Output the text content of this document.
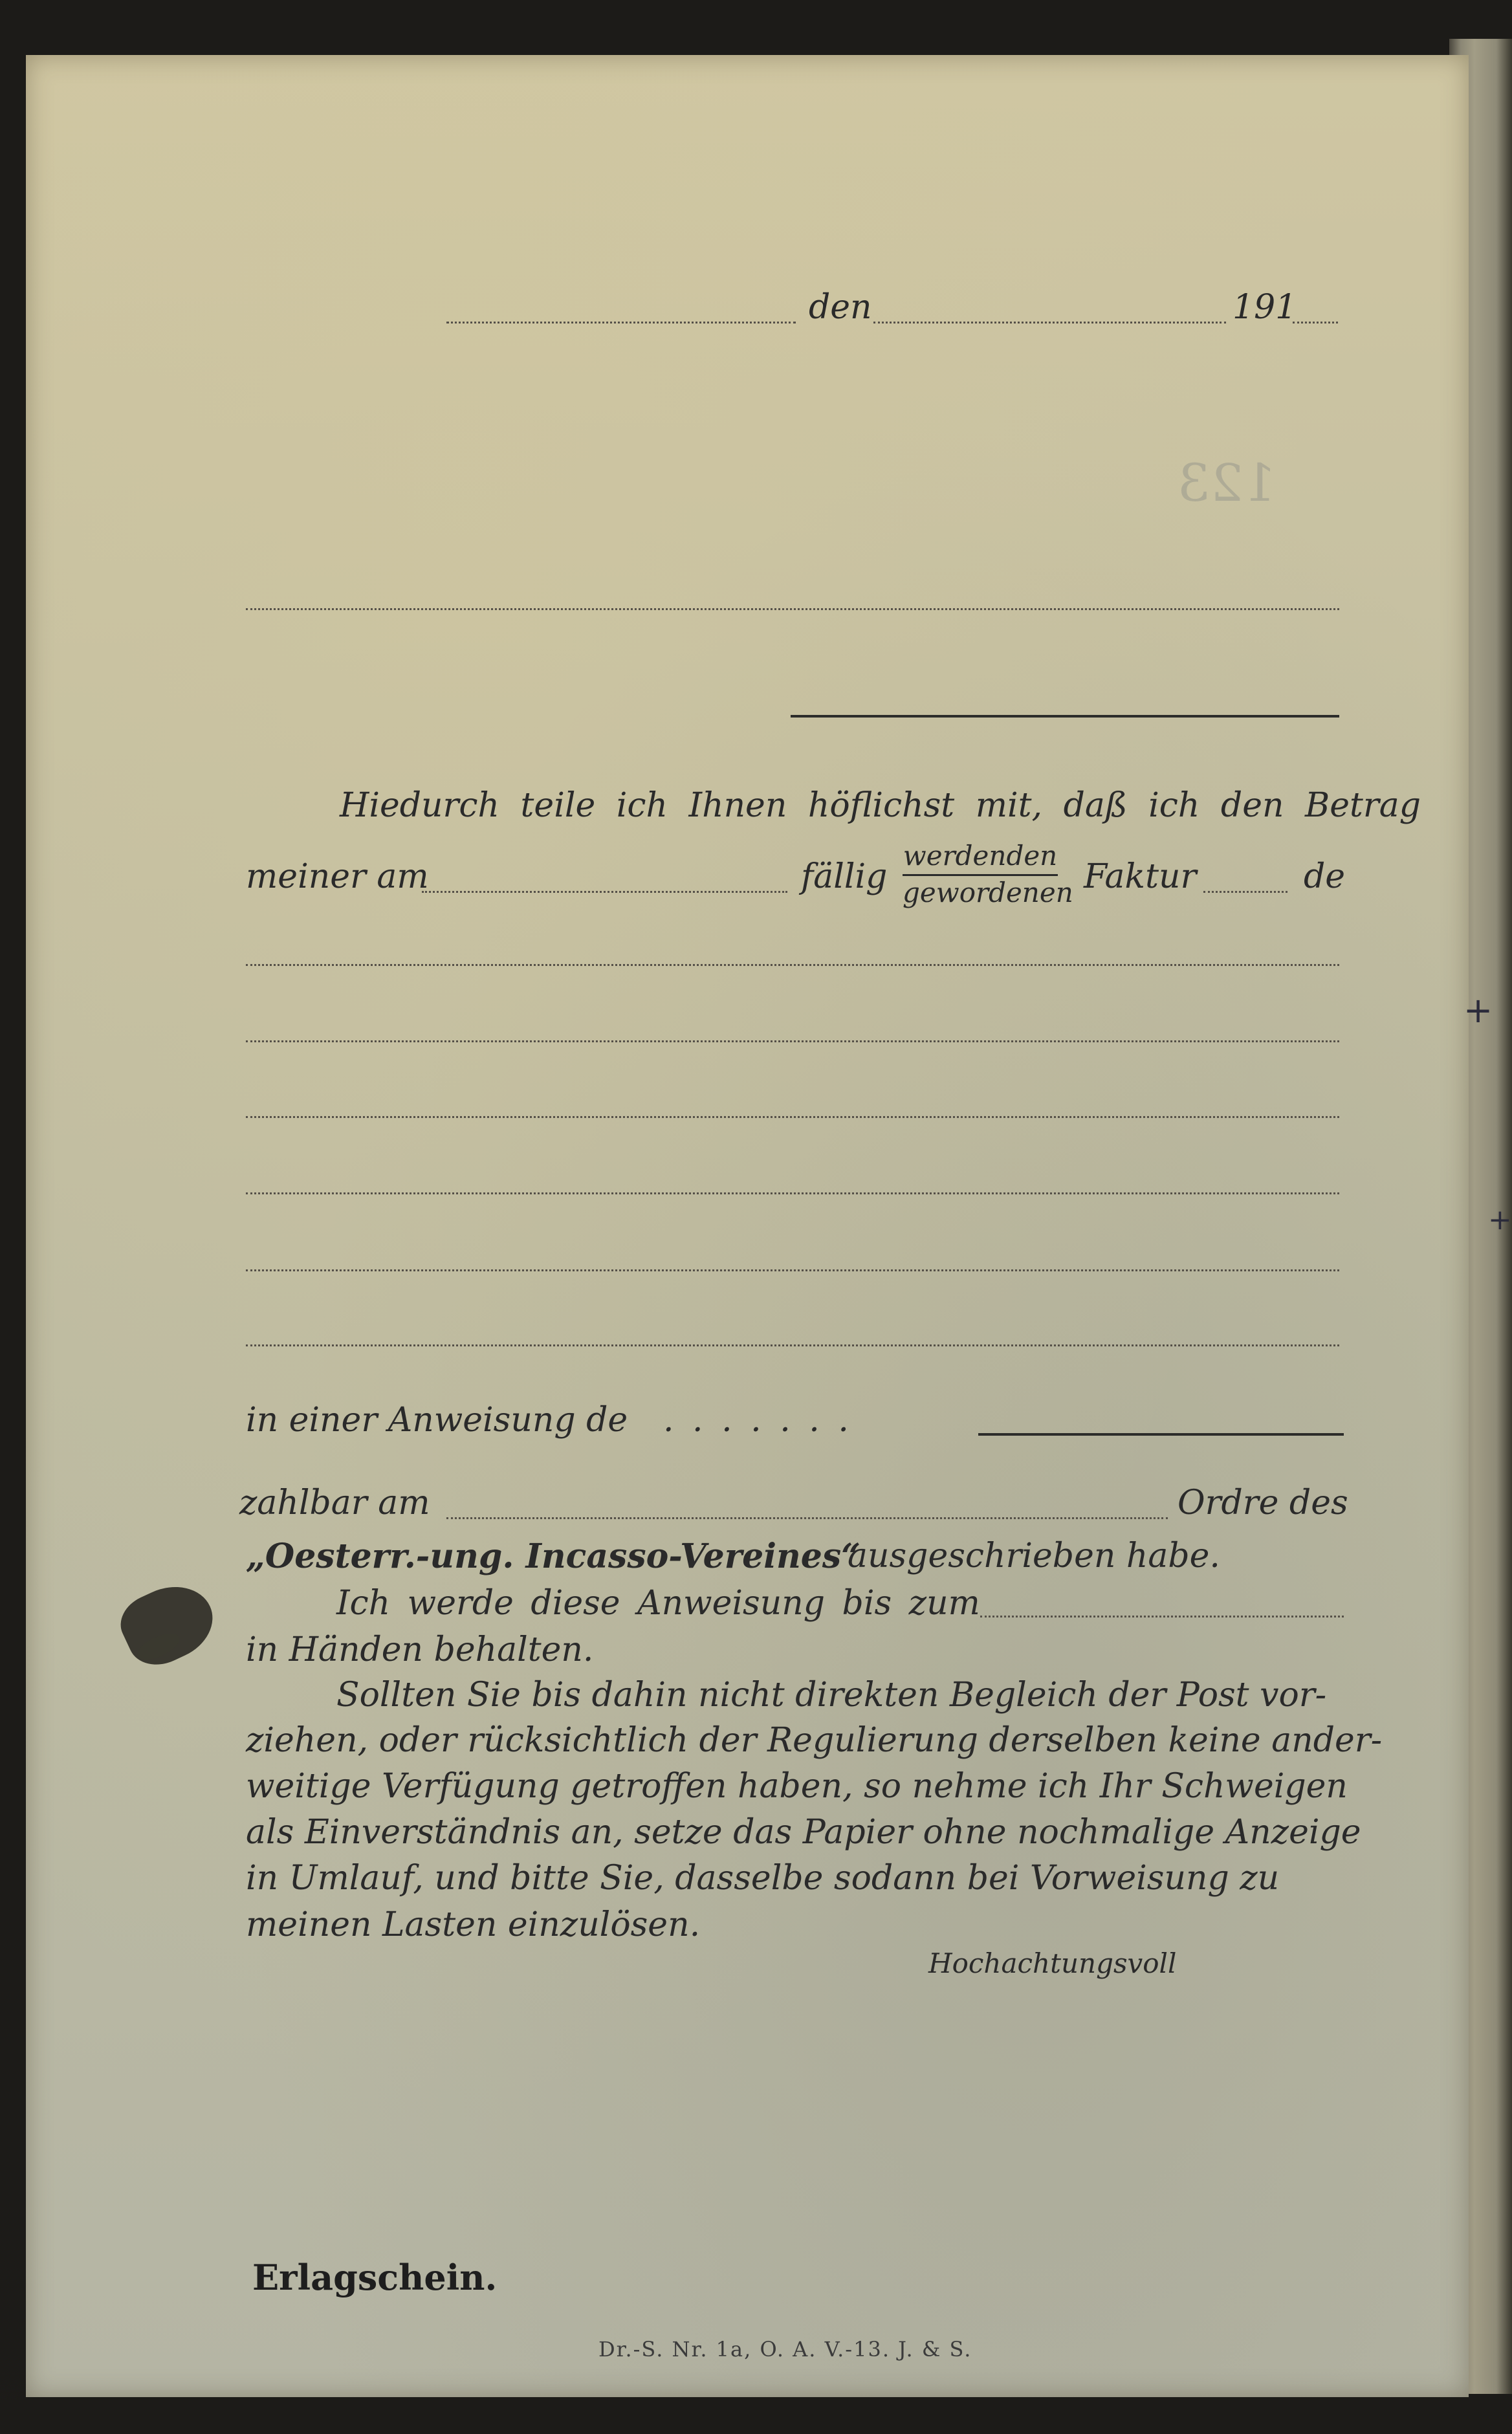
123
den	191
Hiedurch teile ich Ihnen höflichst mit, daß ich den Betrag
meiner am	fällig
werdenden
gewordenen Faktur	de
in einer Anweisung de . . . . . . .
zahlbar am	Ordre des
„Oesterr.-ung. Incasso-Vereines“
ausgeschrieben habe.
Ich werde diese Anweisung bis zum
in Händen behalten.
Sollten Sie bis dahin nicht direkten Begleich der Post vor-
ziehen, oder rücksichtlich der Regulierung derselben keine ander-
weitige Verfügung getroffen haben, so nehme ich Ihr Schweigen
als Einverständnis an, setze das Papier ohne nochmalige Anzeige
in Umlauf, und bitte Sie, dasselbe sodann bei Vorweisung zu
meinen Lasten einzulösen.
Hochachtungsvoll
Erlagschein.
Dr.-S. Nr. 1a, O. A. V.-13. J. & S.
+
+
